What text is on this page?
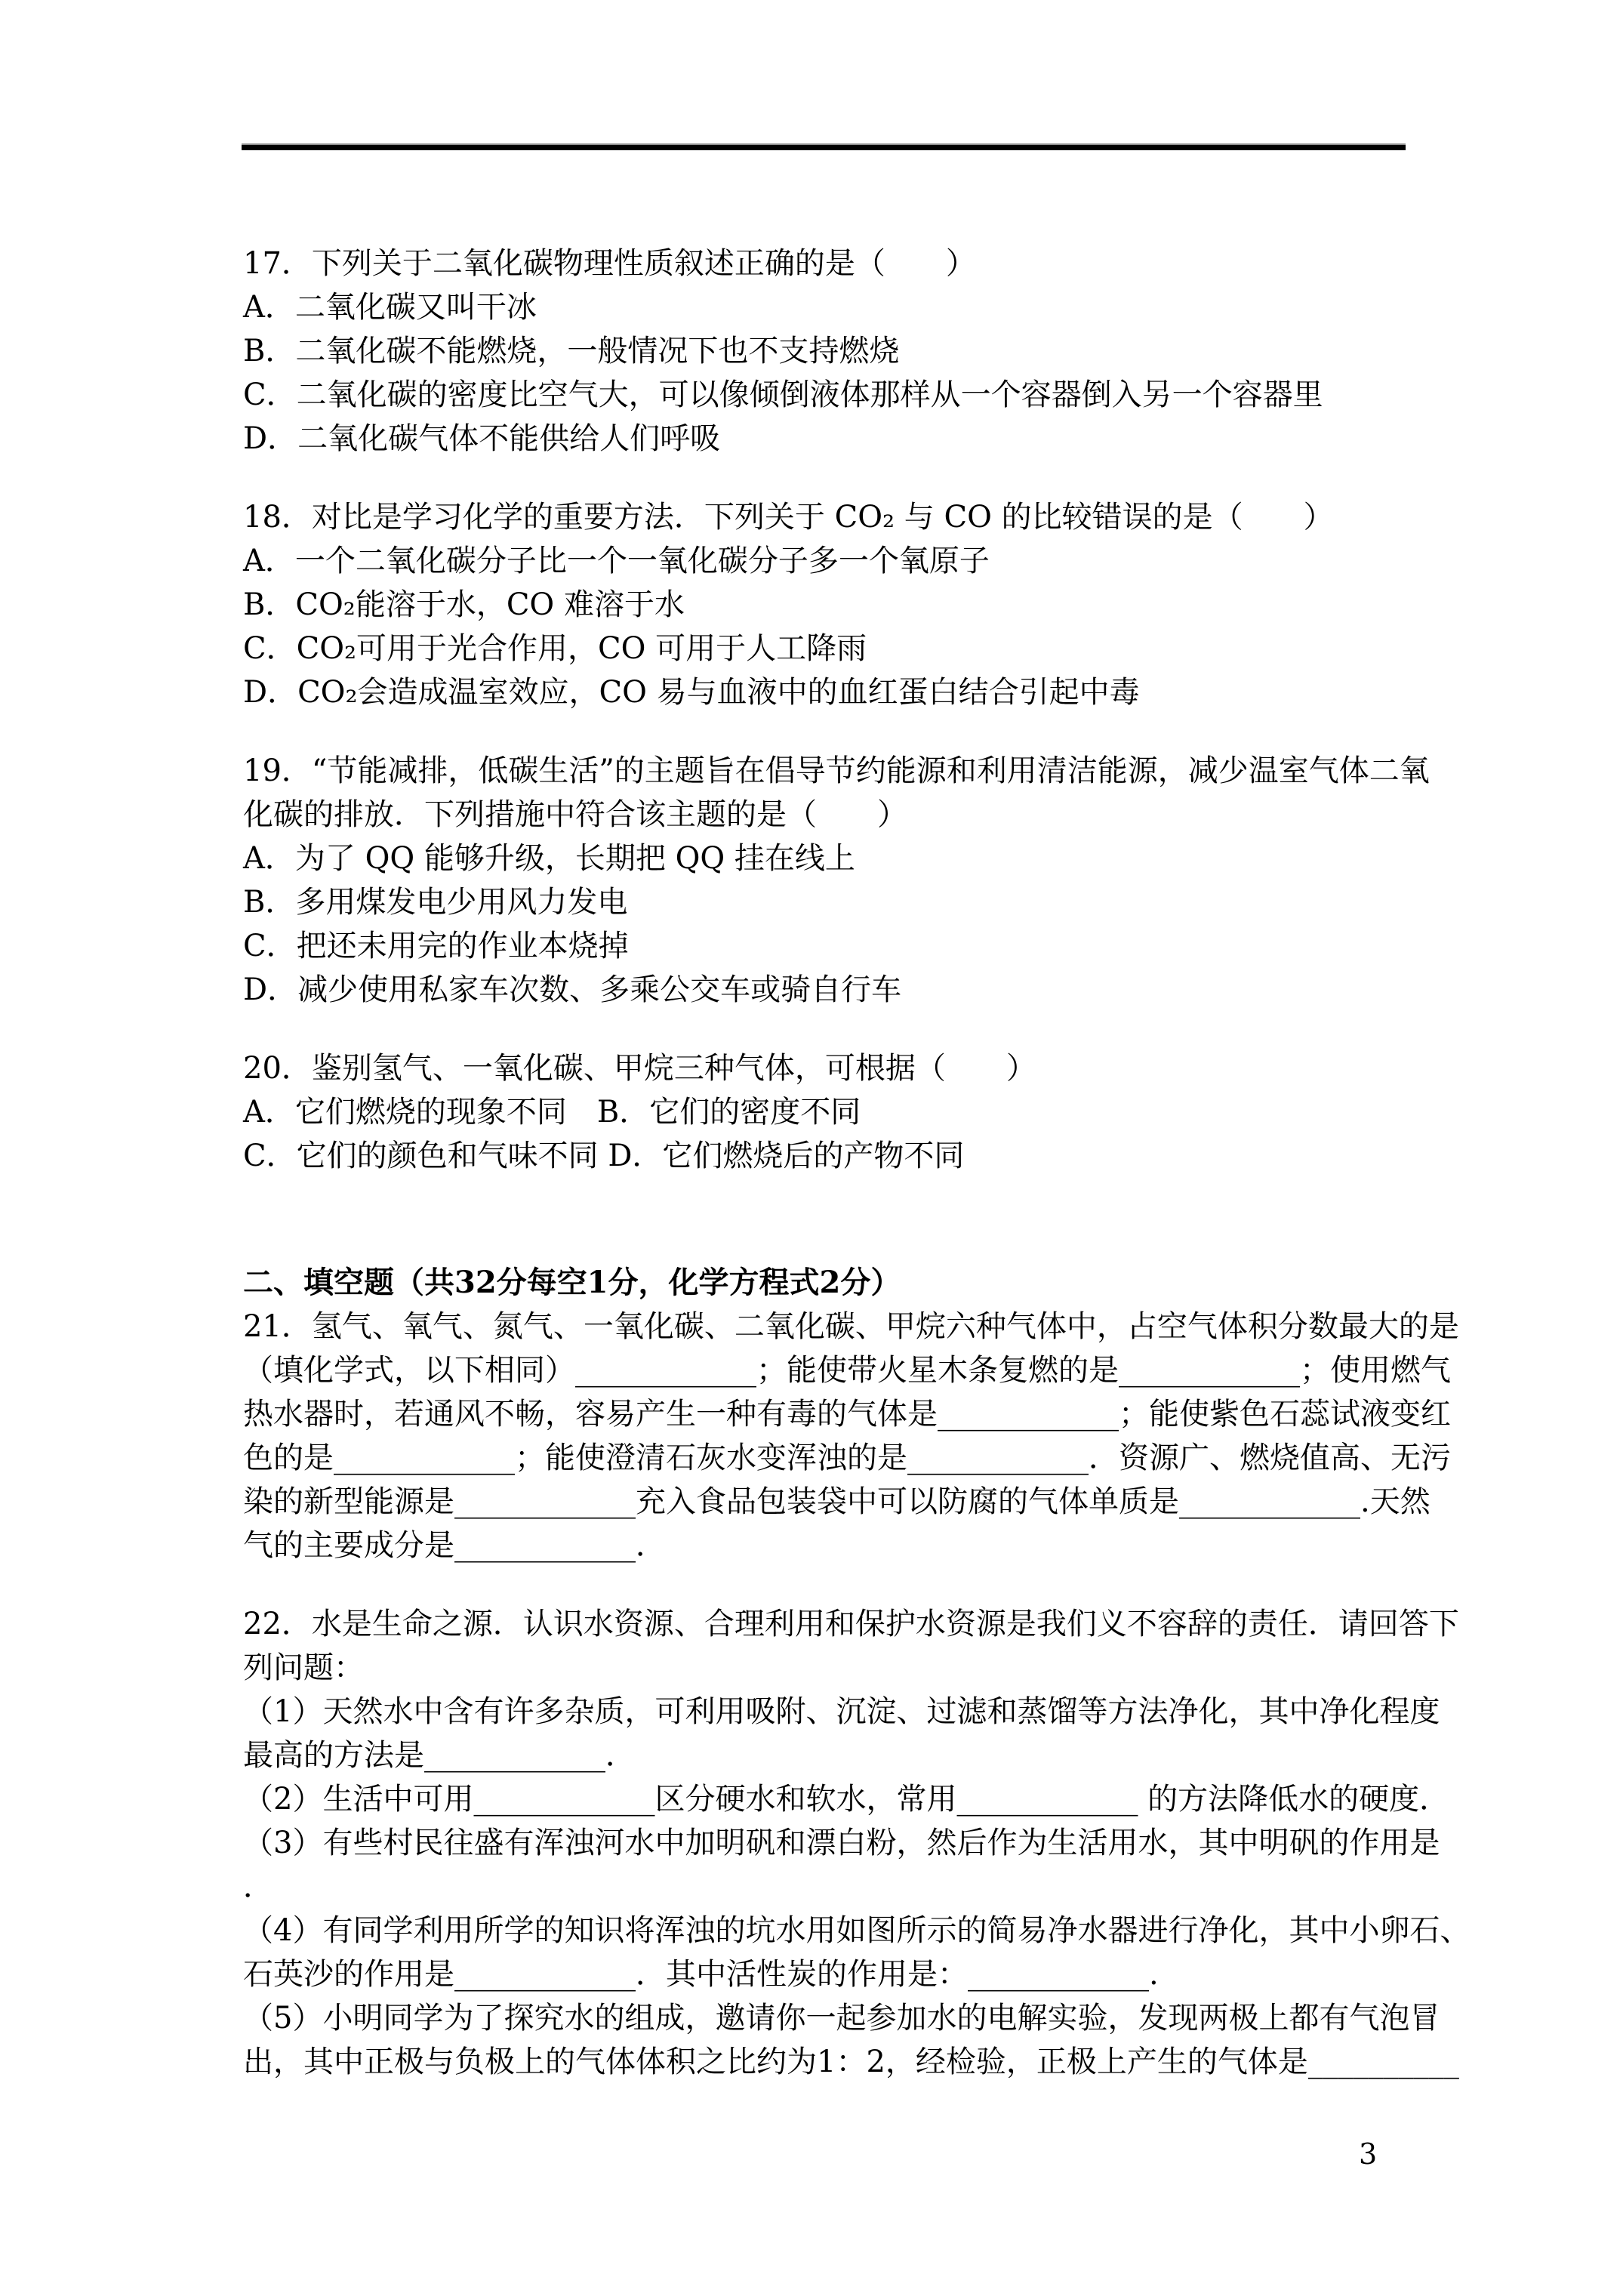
17．下列关于二氧化碳物理性质叙述正确的是（　　）
A．二氧化碳又叫干冰
B．二氧化碳不能燃烧，一般情况下也不支持燃烧
C．二氧化碳的密度比空气大，可以像倾倒液体那样从一个容器倒入另一个容器里
D．二氧化碳气体不能供给人们呼吸
18．对比是学习化学的重要方法．下列关于 CO₂ 与 CO 的比较错误的是（　　）
A．一个二氧化碳分子比一个一氧化碳分子多一个氧原子
B．CO₂能溶于水，CO 难溶于水
C．CO₂可用于光合作用，CO 可用于人工降雨
D．CO₂会造成温室效应，CO 易与血液中的血红蛋白结合引起中毒
19．“节能减排，低碳生活”的主题旨在倡导节约能源和利用清洁能源，减少温室气体二氧
化碳的排放．下列措施中符合该主题的是（　　）
A．为了 QQ 能够升级，长期把 QQ 挂在线上
B．多用煤发电少用风力发电
C．把还未用完的作业本烧掉
D．减少使用私家车次数、多乘公交车或骑自行车
20．鉴别氢气、一氧化碳、甲烷三种气体，可根据（　　）
A．它们燃烧的现象不同　B．它们的密度不同
C．它们的颜色和气味不同 D．它们燃烧后的产物不同
二、填空题（共32分每空1分，化学方程式2分）
21．氢气、氧气、氮气、一氧化碳、二氧化碳、甲烷六种气体中，占空气体积分数最大的是
（填化学式，以下相同）____________；能使带火星木条复燃的是____________；使用燃气
热水器时，若通风不畅，容易产生一种有毒的气体是____________；能使紫色石蕊试液变红
色的是____________；能使澄清石灰水变浑浊的是____________．资源广、燃烧值高、无污
染的新型能源是____________充入食品包装袋中可以防腐的气体单质是____________.天然
气的主要成分是____________．
22．水是生命之源．认识水资源、合理利用和保护水资源是我们义不容辞的责任．请回答下
列问题：
（1）天然水中含有许多杂质，可利用吸附、沉淀、过滤和蒸馏等方法净化，其中净化程度
最高的方法是____________．
（2）生活中可用____________区分硬水和软水，常用____________ 的方法降低水的硬度．
（3）有些村民往盛有浑浊河水中加明矾和漂白粉，然后作为生活用水，其中明矾的作用是
．
（4）有同学利用所学的知识将浑浊的坑水用如图所示的简易净水器进行净化，其中小卵石、
石英沙的作用是____________．其中活性炭的作用是：____________.
（5）小明同学为了探究水的组成，邀请你一起参加水的电解实验，发现两极上都有气泡冒
出，其中正极与负极上的气体体积之比约为1：2，经检验，正极上产生的气体是__________
3
